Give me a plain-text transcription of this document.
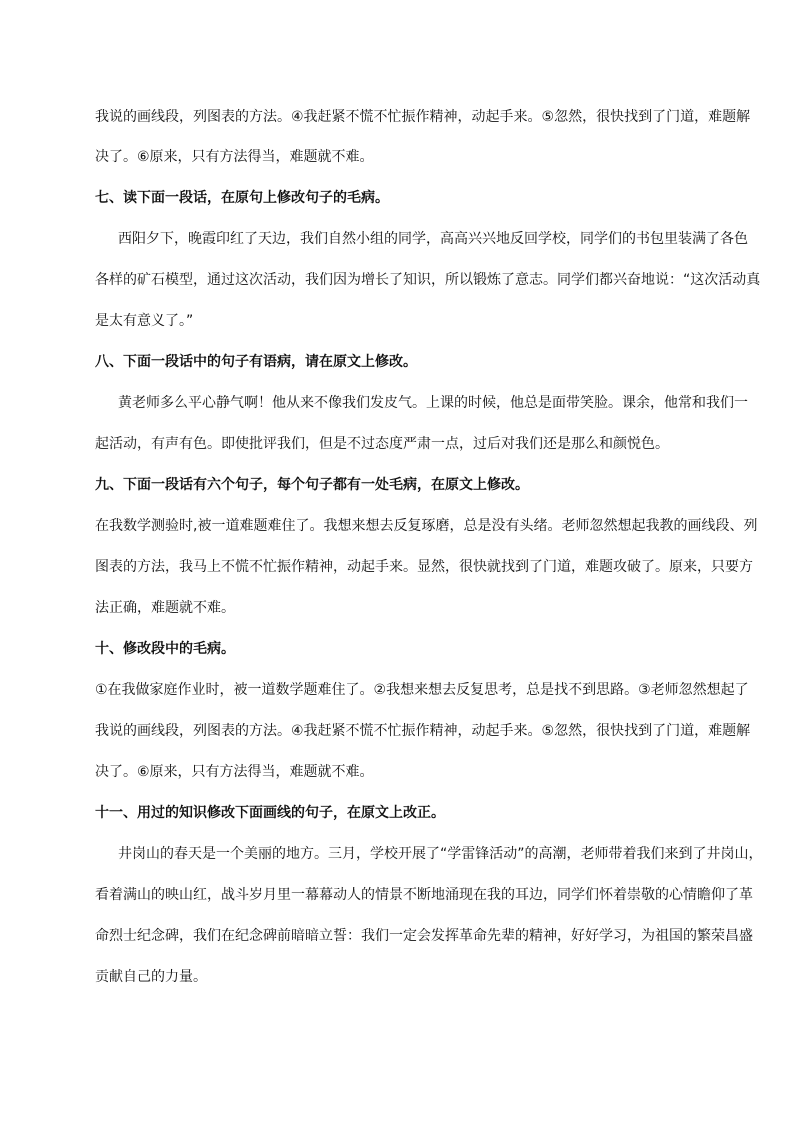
我说的画线段，列图表的方法。④我赶紧不慌不忙振作精神，动起手来。⑤忽然，很快找到了门道，难题解
决了。⑥原来，只有方法得当，难题就不难。
七、读下面一段话，在原句上修改句子的毛病。
西阳夕下，晚霞印红了天边，我们自然小组的同学，高高兴兴地反回学校，同学们的书包里装满了各色
各样的矿石模型，通过这次活动，我们因为增长了知识，所以锻炼了意志。同学们都兴奋地说：“这次活动真
是太有意义了。”
八、下面一段话中的句子有语病，请在原文上修改。
黄老师多么平心静气啊！他从来不像我们发皮气。上课的时候，他总是面带笑脸。课余，他常和我们一
起活动，有声有色。即使批评我们，但是不过态度严肃一点，过后对我们还是那么和颜悦色。
九、下面一段话有六个句子，每个句子都有一处毛病，在原文上修改。
在我数学测验时,被一道难题难住了。我想来想去反复琢磨，总是没有头绪。老师忽然想起我教的画线段、列
图表的方法，我马上不慌不忙振作精神，动起手来。显然，很快就找到了门道，难题攻破了。原来，只要方
法正确，难题就不难。
十、修改段中的毛病。
①在我做家庭作业时，被一道数学题难住了。②我想来想去反复思考，总是找不到思路。③老师忽然想起了
我说的画线段，列图表的方法。④我赶紧不慌不忙振作精神，动起手来。⑤忽然，很快找到了门道，难题解
决了。⑥原来，只有方法得当，难题就不难。
十一、用过的知识修改下面画线的句子，在原文上改正。
井岗山的春天是一个美丽的地方。三月，学校开展了“学雷锋活动”的高潮，老师带着我们来到了井岗山，
看着满山的映山红，战斗岁月里一幕幕动人的情景不断地涌现在我的耳边，同学们怀着崇敬的心情瞻仰了革
命烈士纪念碑，我们在纪念碑前暗暗立誓：我们一定会发挥革命先辈的精神，好好学习，为祖国的繁荣昌盛
贡献自己的力量。
